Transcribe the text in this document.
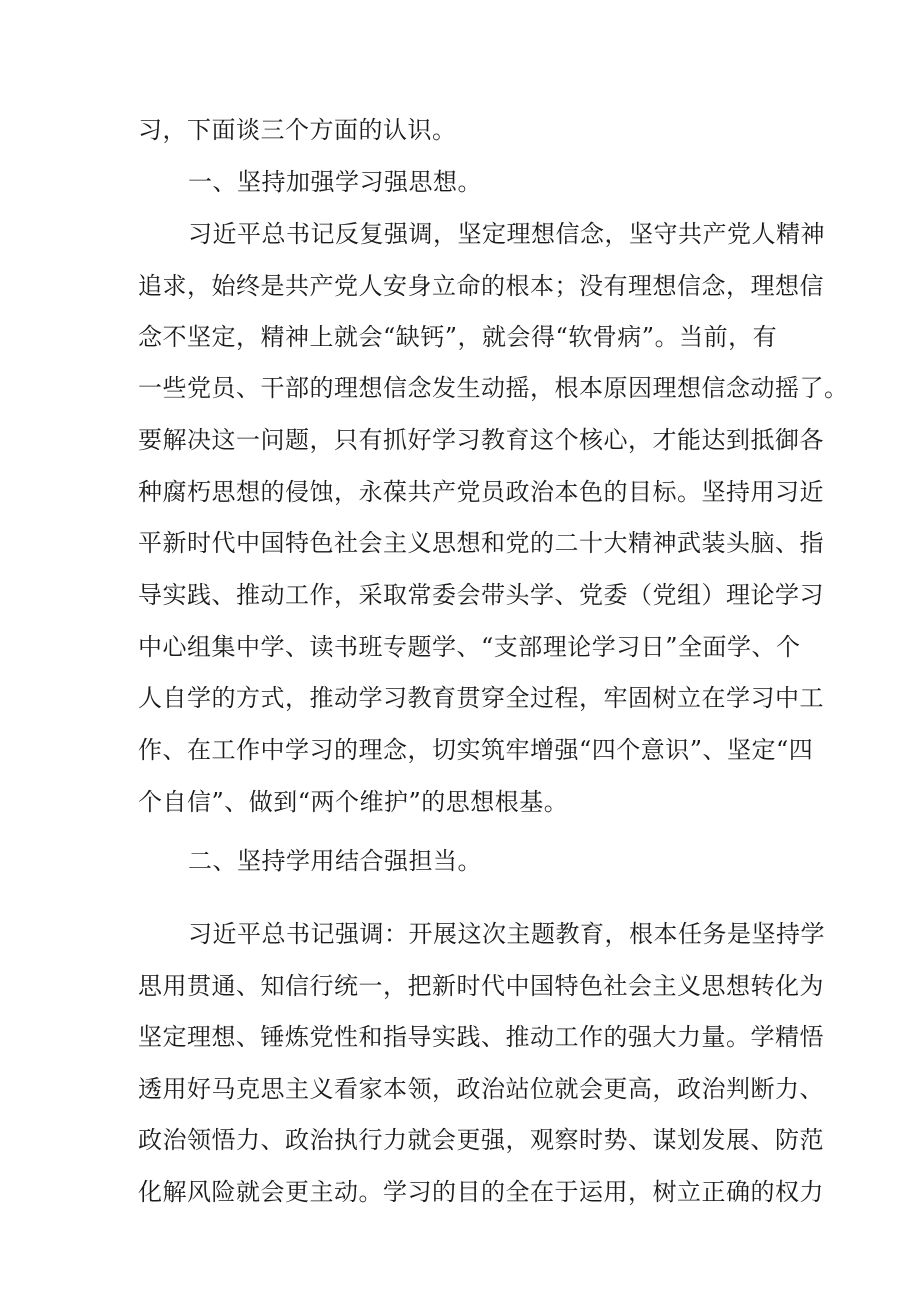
习，下面谈三个方面的认识。
一、坚持加强学习强思想。
习近平总书记反复强调，坚定理想信念，坚守共产党人精神
追求，始终是共产党人安身立命的根本；没有理想信念，理想信
念不坚定，精神上就会“缺钙”，就会得“软骨病”。当前，有
一些党员、干部的理想信念发生动摇，根本原因理想信念动摇了。
要解决这一问题，只有抓好学习教育这个核心，才能达到抵御各
种腐朽思想的侵蚀，永葆共产党员政治本色的目标。坚持用习近
平新时代中国特色社会主义思想和党的二十大精神武装头脑、指
导实践、推动工作，采取常委会带头学、党委（党组）理论学习
中心组集中学、读书班专题学、“支部理论学习日”全面学、个
人自学的方式，推动学习教育贯穿全过程，牢固树立在学习中工
作、在工作中学习的理念，切实筑牢增强“四个意识”、坚定“四
个自信”、做到“两个维护”的思想根基。
二、坚持学用结合强担当。
习近平总书记强调：开展这次主题教育，根本任务是坚持学
思用贯通、知信行统一，把新时代中国特色社会主义思想转化为
坚定理想、锤炼党性和指导实践、推动工作的强大力量。学精悟
透用好马克思主义看家本领，政治站位就会更高，政治判断力、
政治领悟力、政治执行力就会更强，观察时势、谋划发展、防范
化解风险就会更主动。学习的目的全在于运用，树立正确的权力
